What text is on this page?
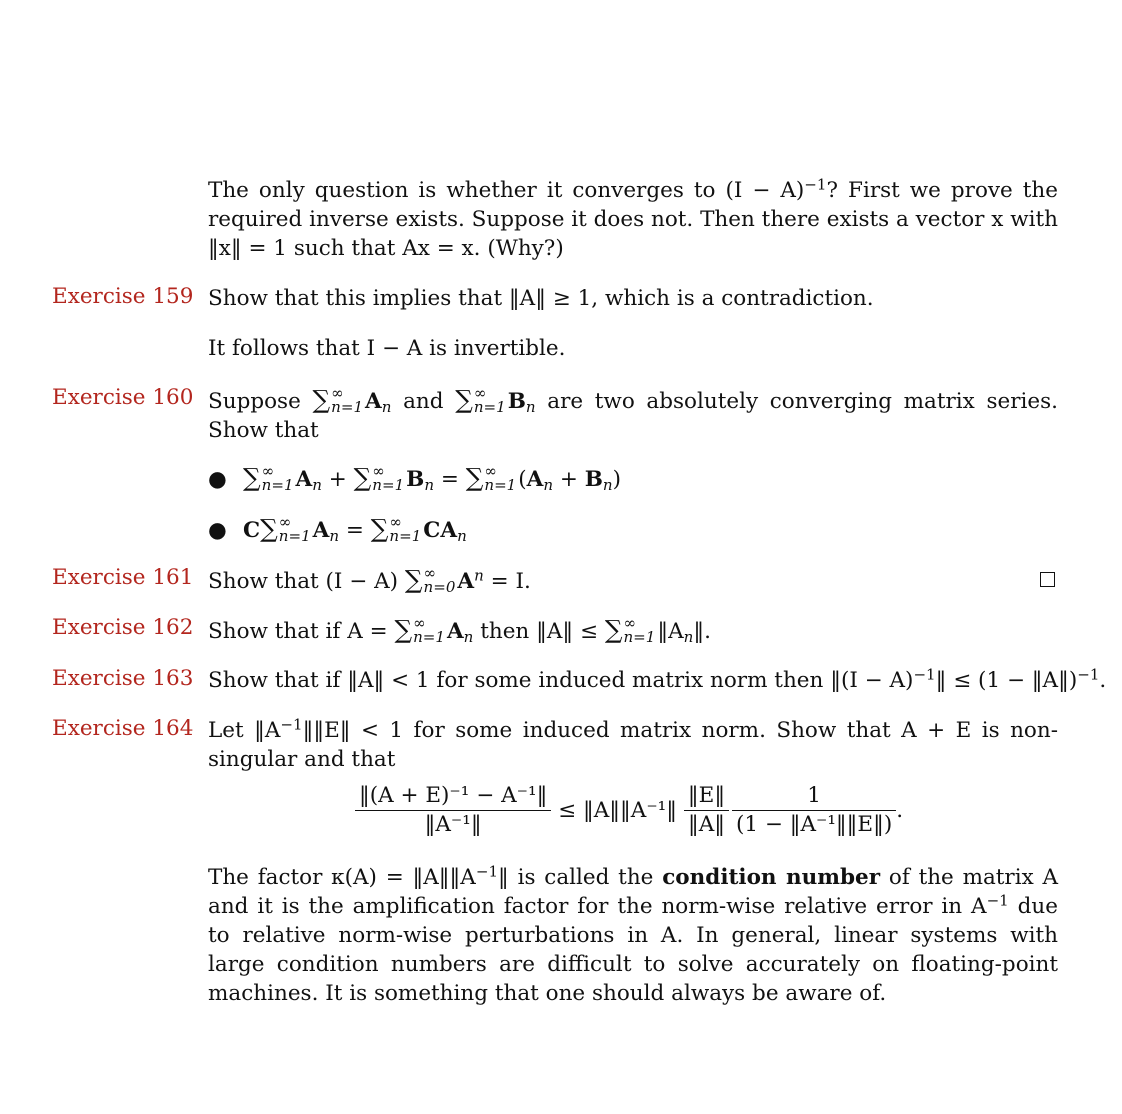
The only question is whether it converges to $(I - A)^{-1}$? First we prove the required inverse exists. Suppose it does not. Then there exists a vector x with ‖x‖ = 1 such that Ax = x. (Why?)
Exercise 159 Show that this implies that ‖A‖ ≥ 1, which is a contradiction.
It follows that I − A is invertible.
Exercise 160 Suppose ∑ ∞
n=1 $A_n$ and ∑ ∞
n=1 $B_n$ are two absolutely converging matrix series. Show that
● ∑ ∞
n=1 $A_n$ + ∑ ∞
n=1 $B_n$ = ∑ ∞
n=1 $(A_n + B_n)$
● C∑ ∞
n=1 $A_n$ = ∑ ∞
n=1 $CA_n$
Exercise 161 Show that (I − A) ∑ ∞
n=0 $A^n = I$.
Exercise 162 Show that if A = ∑ ∞
n=1 $A_n$ then ‖A‖ ≤ ∑ ∞
n=1 $‖A_n‖$.
Exercise 163 Show that if ‖A‖ < 1 for some induced matrix norm then ‖(I − A)$^{-1}$‖ ≤ (1 − ‖A‖)$^{-1}$.
Exercise 164 Let $‖A^{-1}‖‖E‖ < 1$ for some induced matrix norm. Show that A + E is non-singular and that
$\frac{\text{‖(A + E)⁻¹ − A⁻¹‖}}{\text{‖A⁻¹‖}}$ ≤ ‖A‖‖A⁻¹‖ $\frac{‖E‖}{‖A‖}$
$\frac{1}{\text{(1 − ‖A⁻¹‖‖E‖)}}$ .
The factor $\kappa(A) = ‖A‖‖A^{-1}‖$ is called the condition number of the matrix A and it is the amplification factor for the norm-wise relative error in $A^{-1}$ due to relative norm-wise perturbations in A. In general, linear systems with large condition numbers are difficult to solve accurately on floating-point machines. It is something that one should always be aware of.
